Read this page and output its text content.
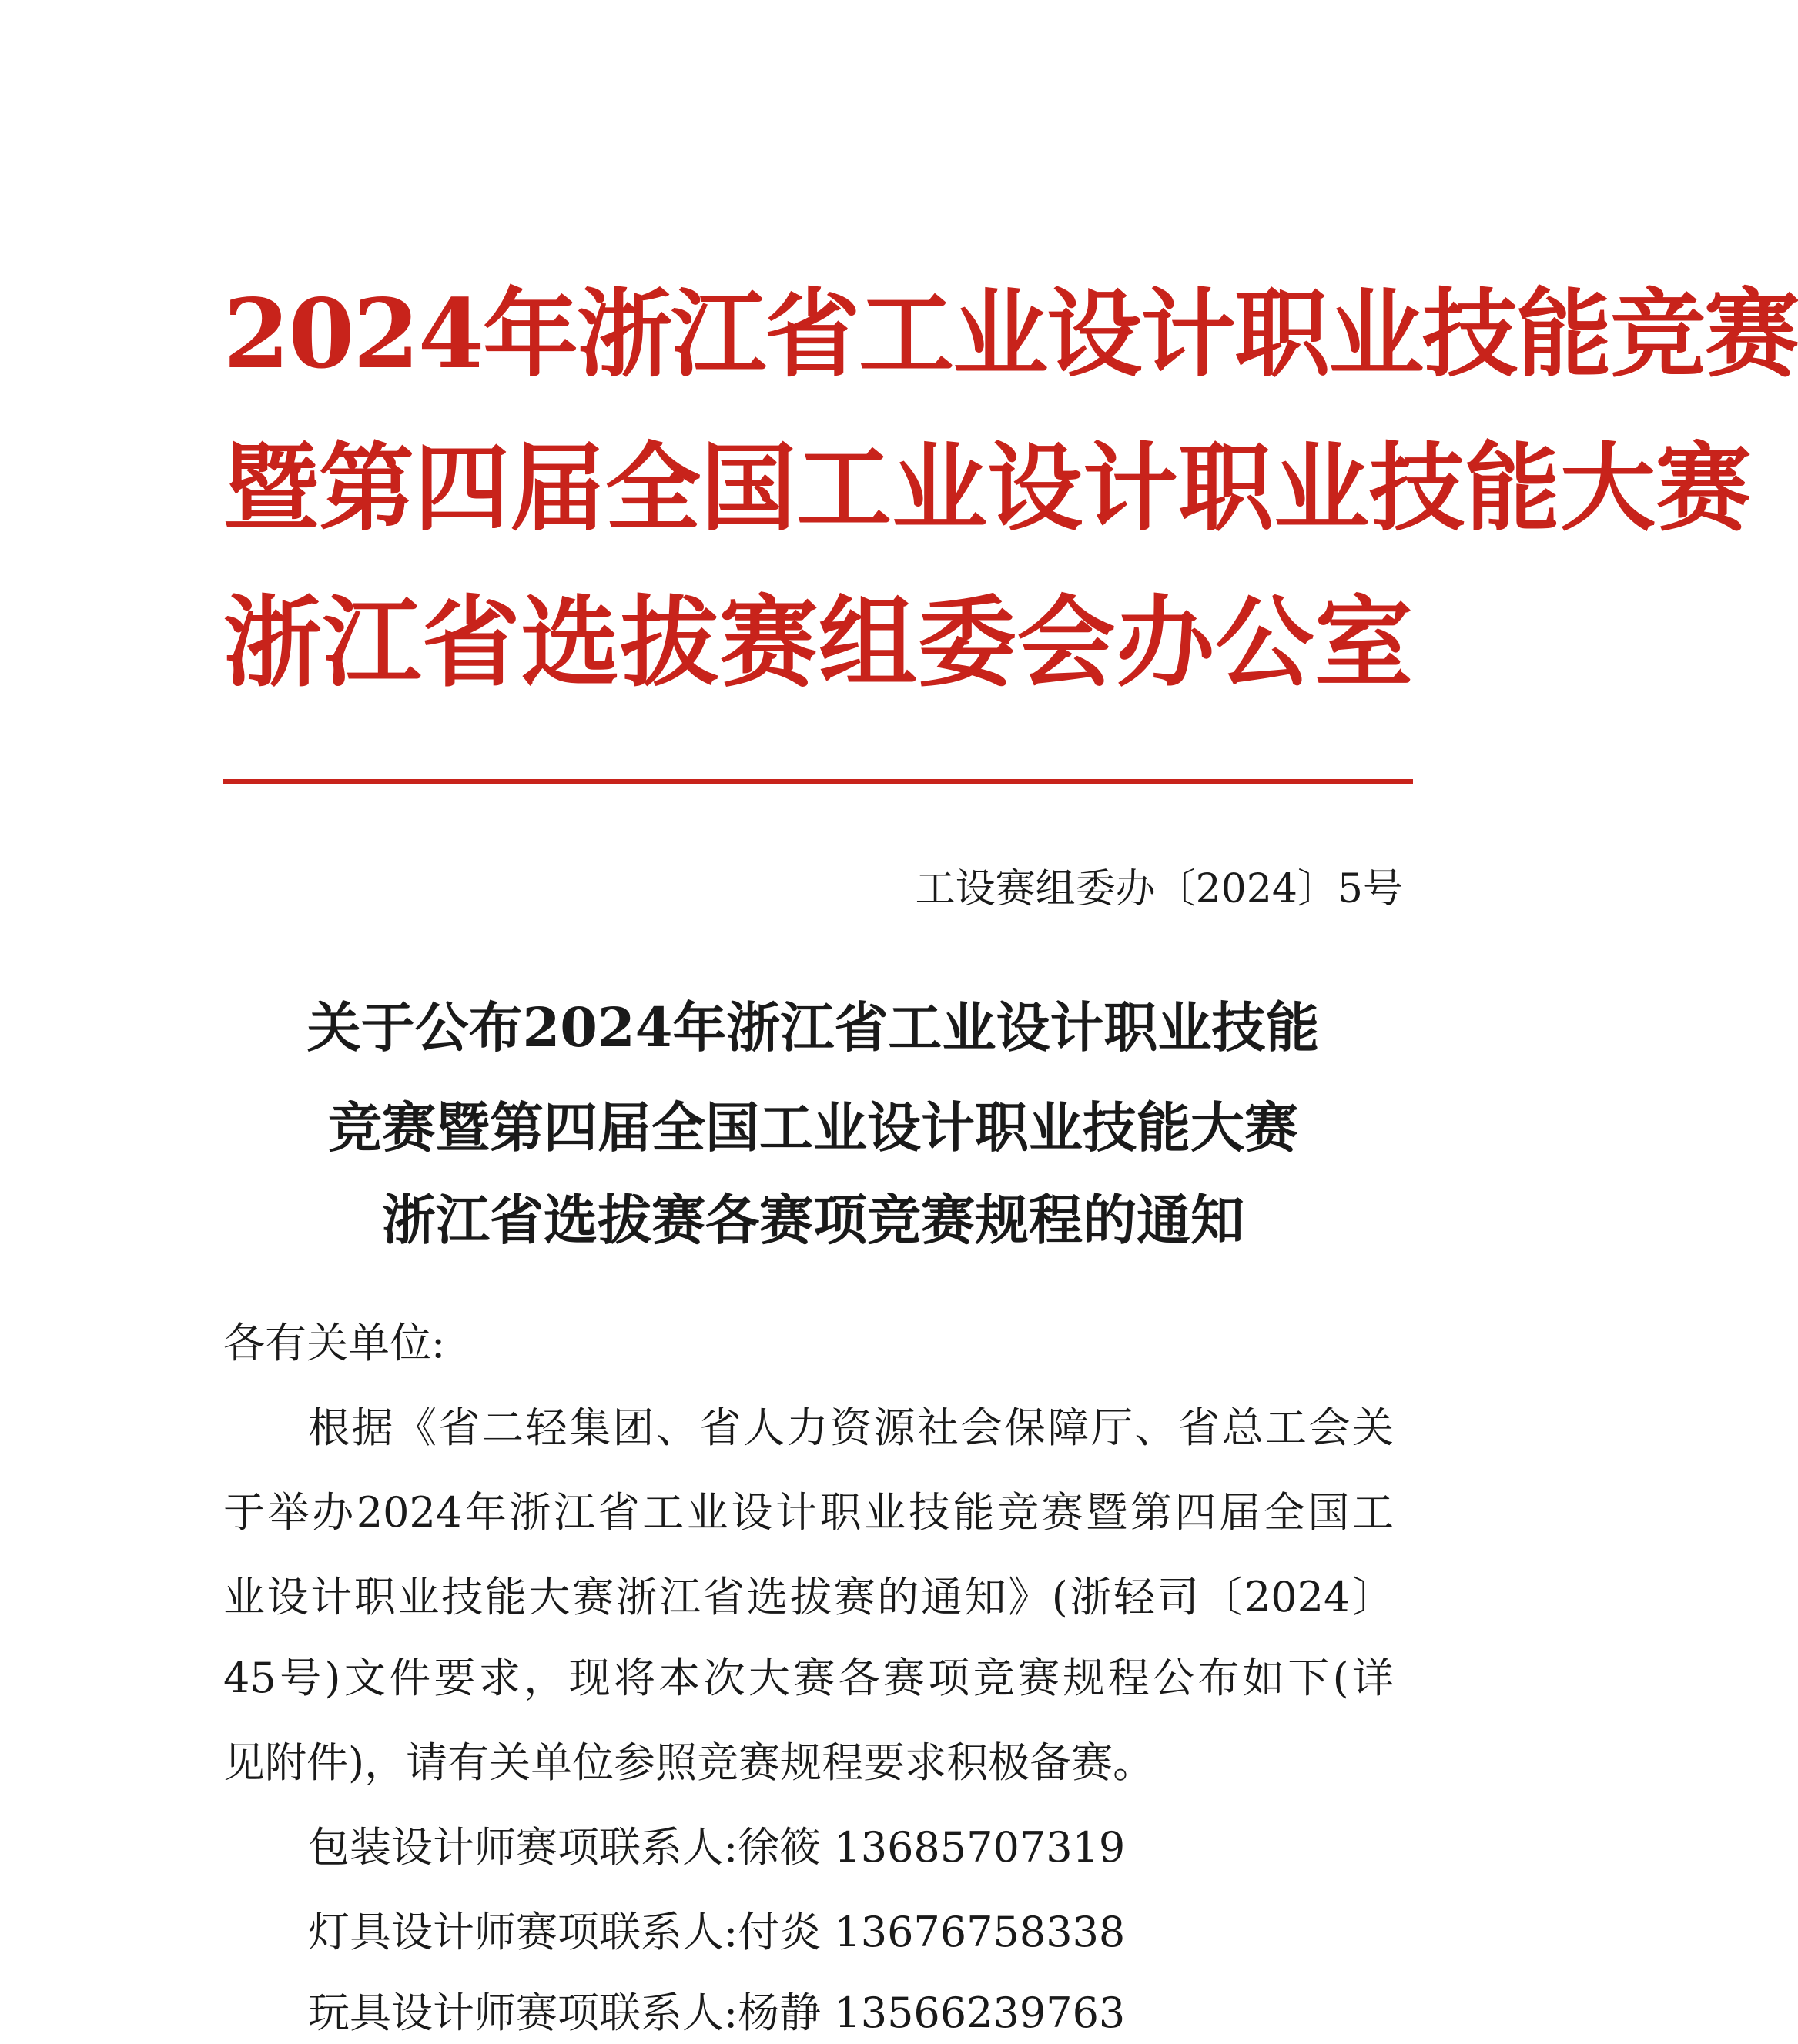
2024年浙江省工业设计职业技能竞赛
暨第四届全国工业设计职业技能大赛
浙江省选拔赛组委会办公室
工设赛组委办〔2024〕5号
关于公布2024年浙江省工业设计职业技能
竞赛暨第四届全国工业设计职业技能大赛
浙江省选拔赛各赛项竞赛规程的通知
各有关单位:
根据《省二轻集团、省人力资源社会保障厅、省总工会关
于举办2024年浙江省工业设计职业技能竞赛暨第四届全国工
业设计职业技能大赛浙江省选拔赛的通知》(浙轻司〔2024〕
45号)文件要求，现将本次大赛各赛项竞赛规程公布如下(详
见附件)，请有关单位参照竞赛规程要求积极备赛。
包装设计师赛项联系人:徐筱 13685707319
灯具设计师赛项联系人:付炎 13676758338
玩具设计师赛项联系人:杨静 13566239763
